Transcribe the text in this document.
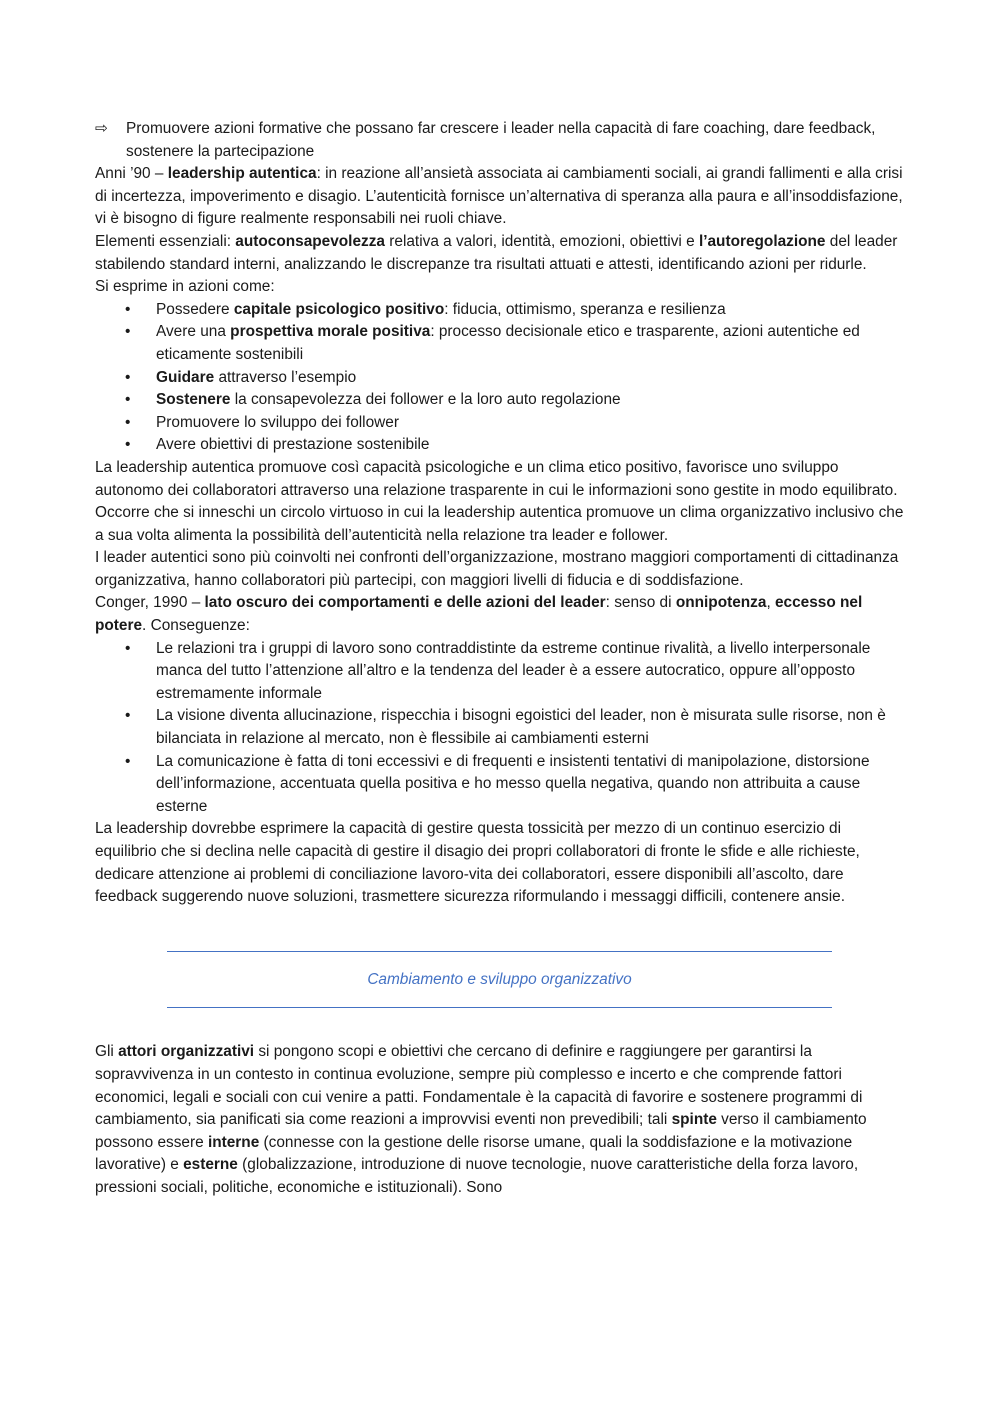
⇨	Promuovere azioni formative che possano far crescere i leader nella capacità di fare coaching, dare feedback, sostenere la partecipazione

Anni ’90 – leadership autentica: in reazione all’ansietà associata ai cambiamenti sociali, ai grandi fallimenti e alla crisi di incertezza, impoverimento e disagio. L’autenticità fornisce un’alternativa di speranza alla paura e all’insoddisfazione, vi è bisogno di figure realmente responsabili nei ruoli chiave.

Elementi essenziali: autoconsapevolezza relativa a valori, identità, emozioni, obiettivi e l’autoregolazione del leader stabilendo standard interni, analizzando le discrepanze tra risultati attuati e attesti, identificando azioni per ridurle.

Si esprime in azioni come:

• Possedere capitale psicologico positivo: fiducia, ottimismo, speranza e resilienza
• Avere una prospettiva morale positiva: processo decisionale etico e trasparente, azioni autentiche ed eticamente sostenibili
• Guidare attraverso l’esempio
• Sostenere la consapevolezza dei follower e la loro auto regolazione
• Promuovere lo sviluppo dei follower
• Avere obiettivi di prestazione sostenibile

La leadership autentica promuove così capacità psicologiche e un clima etico positivo, favorisce uno sviluppo autonomo dei collaboratori attraverso una relazione trasparente in cui le informazioni sono gestite in modo equilibrato. Occorre che si inneschi un circolo virtuoso in cui la leadership autentica promuove un clima organizzativo inclusivo che a sua volta alimenta la possibilità dell’autenticità nella relazione tra leader e follower.

I leader autentici sono più coinvolti nei confronti dell’organizzazione, mostrano maggiori comportamenti di cittadinanza organizzativa, hanno collaboratori più partecipi, con maggiori livelli di fiducia e di soddisfazione.

Conger, 1990 – lato oscuro dei comportamenti e delle azioni del leader: senso di onnipotenza, eccesso nel potere. Conseguenze:

• Le relazioni tra i gruppi di lavoro sono contraddistinte da estreme continue rivalità, a livello interpersonale manca del tutto l’attenzione all’altro e la tendenza del leader è a essere autocratico, oppure all’opposto estremamente informale
• La visione diventa allucinazione, rispecchia i bisogni egoistici del leader, non è misurata sulle risorse, non è bilanciata in relazione al mercato, non è flessibile ai cambiamenti esterni
• La comunicazione è fatta di toni eccessivi e di frequenti e insistenti tentativi di manipolazione, distorsione dell’informazione, accentuata quella positiva e ho messo quella negativa, quando non attribuita a cause esterne

La leadership dovrebbe esprimere la capacità di gestire questa tossicità per mezzo di un continuo esercizio di equilibrio che si declina nelle capacità di gestire il disagio dei propri collaboratori di fronte le sfide e alle richieste, dedicare attenzione ai problemi di conciliazione lavoro-vita dei collaboratori, essere disponibili all’ascolto, dare feedback suggerendo nuove soluzioni, trasmettere sicurezza riformulando i messaggi difficili, contenere ansie.

Cambiamento e sviluppo organizzativo

Gli attori organizzativi si pongono scopi e obiettivi che cercano di definire e raggiungere per garantirsi la sopravvivenza in un contesto in continua evoluzione, sempre più complesso e incerto e che comprende fattori economici, legali e sociali con cui venire a patti. Fondamentale è la capacità di favorire e sostenere programmi di cambiamento, sia panificati sia come reazioni a improvvisi eventi non prevedibili; tali spinte verso il cambiamento possono essere interne (connesse con la gestione delle risorse umane, quali la soddisfazione e la motivazione lavorative) e esterne (globalizzazione, introduzione di nuove tecnologie, nuove caratteristiche della forza lavoro, pressioni sociali, politiche, economiche e istituzionali). Sono
